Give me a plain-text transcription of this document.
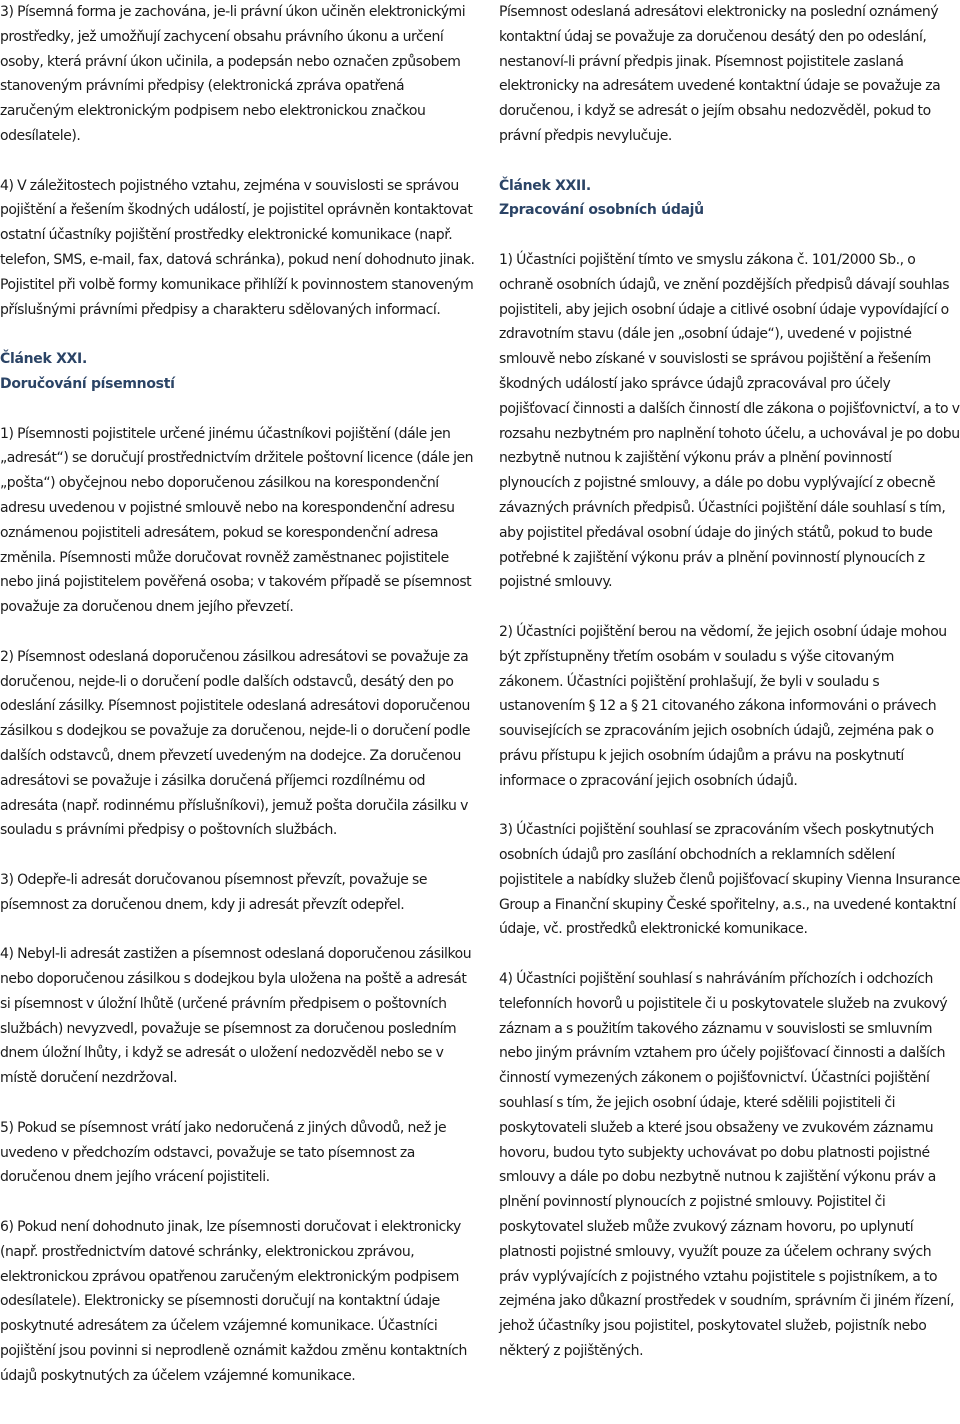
3) Písemná forma je zachována, je-li právní úkon učiněn elektronickými prostředky, jež umožňují zachycení obsahu právního úkonu a určení osoby, která právní úkon učinila, a podepsán nebo označen způsobem stanoveným právními předpisy (elektronická zpráva opatřená zaručeným elektronickým podpisem nebo elektronickou značkou odesílatele).

4) V záležitostech pojistného vztahu, zejména v souvislosti se správou pojištění a řešením škodných událostí, je pojistitel oprávněn kontaktovat ostatní účastníky pojištění prostředky elektronické komunikace (např. telefon, SMS, e-mail, fax, datová schránka), pokud není dohodnuto jinak. Pojistitel při volbě formy komunikace přihlíží k povinnostem stanoveným příslušnými právními předpisy a charakteru sdělovaných informací.

Článek XXI.

Doručování písemností

1) Písemnosti pojistitele určené jinému účastníkovi pojištění (dále jen „adresát“) se doručují prostřednictvím držitele poštovní licence (dále jen „pošta“) obyčejnou nebo doporučenou zásilkou na korespondenční adresu uvedenou v pojistné smlouvě nebo na korespondenční adresu oznámenou pojistiteli adresátem, pokud se korespondenční adresa změnila. Písemnosti může doručovat rovněž zaměstnanec pojistitele nebo jiná pojistitelem pověřená osoba; v takovém případě se písemnost považuje za doručenou dnem jejího převzetí.

2) Písemnost odeslaná doporučenou zásilkou adresátovi se považuje za doručenou, nejde-li o doručení podle dalších odstavců, desátý den po odeslání zásilky. Písemnost pojistitele odeslaná adresátovi doporučenou zásilkou s dodejkou se považuje za doručenou, nejde-li o doručení podle dalších odstavců, dnem převzetí uvedeným na dodejce. Za doručenou adresátovi se považuje i zásilka doručená příjemci rozdílnému od adresáta (např. rodinnému příslušníkovi), jemuž pošta doručila zásilku v souladu s právními předpisy o poštovních službách.

3) Odepře-li adresát doručovanou písemnost převzít, považuje se písemnost za doručenou dnem, kdy ji adresát převzít odepřel.

4) Nebyl-li adresát zastižen a písemnost odeslaná doporučenou zásilkou nebo doporučenou zásilkou s dodejkou byla uložena na poště a adresát si písemnost v úložní lhůtě (určené právním předpisem o poštovních službách) nevyzvedl, považuje se písemnost za doručenou posledním dnem úložní lhůty, i když se adresát o uložení nedozvěděl nebo se v místě doručení nezdržoval.

5) Pokud se písemnost vrátí jako nedoručená z jiných důvodů, než je uvedeno v předchozím odstavci, považuje se tato písemnost za doručenou dnem jejího vrácení pojistiteli.

6) Pokud není dohodnuto jinak, lze písemnosti doručovat i elektronicky (např. prostřednictvím datové schránky, elektronickou zprávou, elektronickou zprávou opatřenou zaručeným elektronickým podpisem odesílatele). Elektronicky se písemnosti doručují na kontaktní údaje poskytnuté adresátem za účelem vzájemné komunikace. Účastníci pojištění jsou povinni si neprodleně oznámit každou změnu kontaktních údajů poskytnutých za účelem vzájemné komunikace.

Písemnost odeslaná adresátovi elektronicky na poslední oznámený kontaktní údaj se považuje za doručenou desátý den po odeslání, nestanoví-li právní předpis jinak. Písemnost pojistitele zaslaná elektronicky na adresátem uvedené kontaktní údaje se považuje za doručenou, i když se adresát o jejím obsahu nedozvěděl, pokud to právní předpis nevylučuje.

Článek XXII.

Zpracování osobních údajů

1) Účastníci pojištění tímto ve smyslu zákona č. 101/2000 Sb., o ochraně osobních údajů, ve znění pozdějších předpisů dávají souhlas pojistiteli, aby jejich osobní údaje a citlivé osobní údaje vypovídající o zdravotním stavu (dále jen „osobní údaje“), uvedené v pojistné smlouvě nebo získané v souvislosti se správou pojištění a řešením škodných událostí jako správce údajů zpracovával pro účely pojišťovací činnosti a dalších činností dle zákona o pojišťovnictví, a to v rozsahu nezbytném pro naplnění tohoto účelu, a uchovával je po dobu nezbytně nutnou k zajištění výkonu práv a plnění povinností plynoucích z pojistné smlouvy, a dále po dobu vyplývající z obecně závazných právních předpisů. Účastníci pojištění dále souhlasí s tím, aby pojistitel předával osobní údaje do jiných států, pokud to bude potřebné k zajištění výkonu práv a plnění povinností plynoucích z pojistné smlouvy.

2) Účastníci pojištění berou na vědomí, že jejich osobní údaje mohou být zpřístupněny třetím osobám v souladu s výše citovaným zákonem. Účastníci pojištění prohlašují, že byli v souladu s ustanovením § 12 a § 21 citovaného zákona informováni o právech souvisejících se zpracováním jejich osobních údajů, zejména pak o právu přístupu k jejich osobním údajům a právu na poskytnutí informace o zpracování jejich osobních údajů.

3) Účastníci pojištění souhlasí se zpracováním všech poskytnutých osobních údajů pro zasílání obchodních a reklamních sdělení pojistitele a nabídky služeb členů pojišťovací skupiny Vienna Insurance Group a Finanční skupiny České spořitelny, a.s., na uvedené kontaktní údaje, vč. prostředků elektronické komunikace.

4) Účastníci pojištění souhlasí s nahráváním příchozích i odchozích telefonních hovorů u pojistitele či u poskytovatele služeb na zvukový záznam a s použitím takového záznamu v souvislosti se smluvním nebo jiným právním vztahem pro účely pojišťovací činnosti a dalších činností vymezených zákonem o pojišťovnictví. Účastníci pojištění souhlasí s tím, že jejich osobní údaje, které sdělili pojistiteli či poskytovateli služeb a které jsou obsaženy ve zvukovém záznamu hovoru, budou tyto subjekty uchovávat po dobu platnosti pojistné smlouvy a dále po dobu nezbytně nutnou k zajištění výkonu práv a plnění povinností plynoucích z pojistné smlouvy. Pojistitel či poskytovatel služeb může zvukový záznam hovoru, po uplynutí platnosti pojistné smlouvy, využít pouze za účelem ochrany svých práv vyplývajících z pojistného vztahu pojistitele s pojistníkem, a to zejména jako důkazní prostředek v soudním, správním či jiném řízení, jehož účastníky jsou pojistitel, poskytovatel služeb, pojistník nebo některý z pojištěných.
